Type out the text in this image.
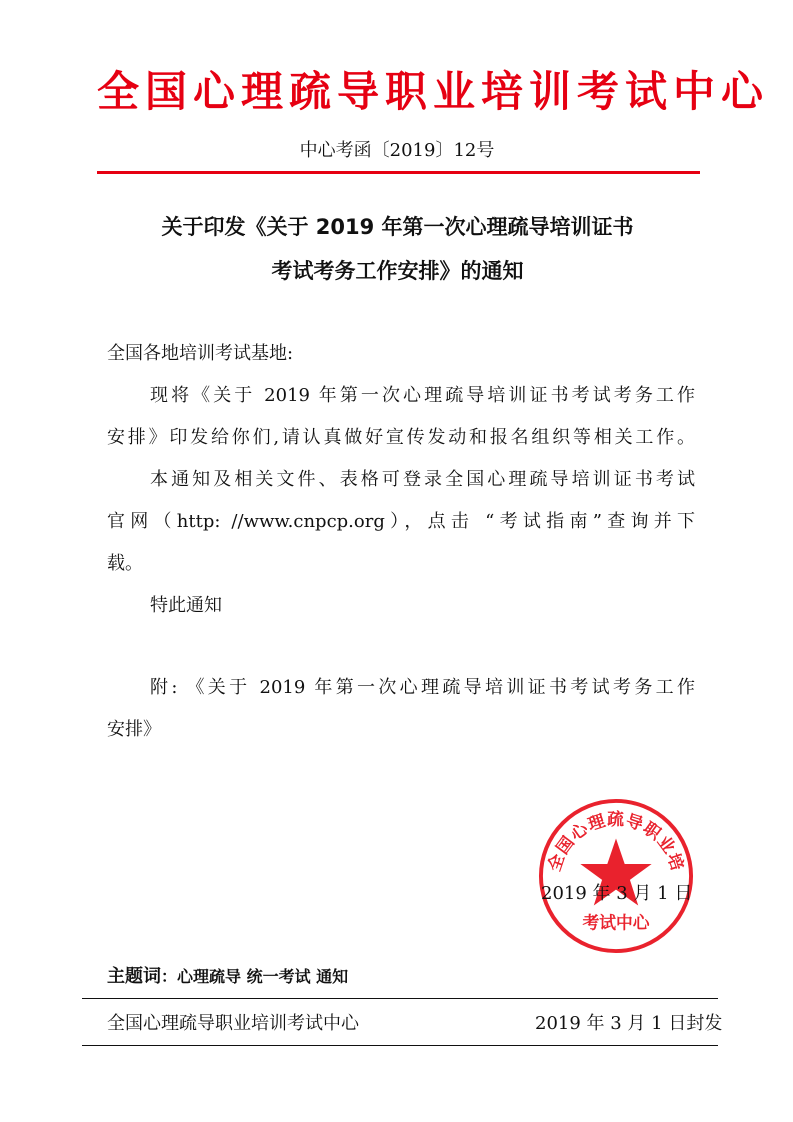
全国心理疏导职业培训考试中心
中心考函〔2019〕12号
关于印发《关于 2019 年第一次心理疏导培训证书
考试考务工作安排》的通知
全国各地培训考试基地:
现将《关于 2019 年第一次心理疏导培训证书考试考务工作
安排》印发给你们,请认真做好宣传发动和报名组织等相关工作。
本通知及相关文件、表格可登录全国心理疏导培训证书考试
官网（http: //www.cnpcp.org），点击 “考试指南”查询并下
载。
特此通知
附: 《关于 2019 年第一次心理疏导培训证书考试考务工作
安排》
全国心理疏导职业培
考试中心
2019 年 3 月 1 日
主题词：心理疏导 统一考试 通知
全国心理疏导职业培训考试中心	2019 年 3 月 1 日封发
